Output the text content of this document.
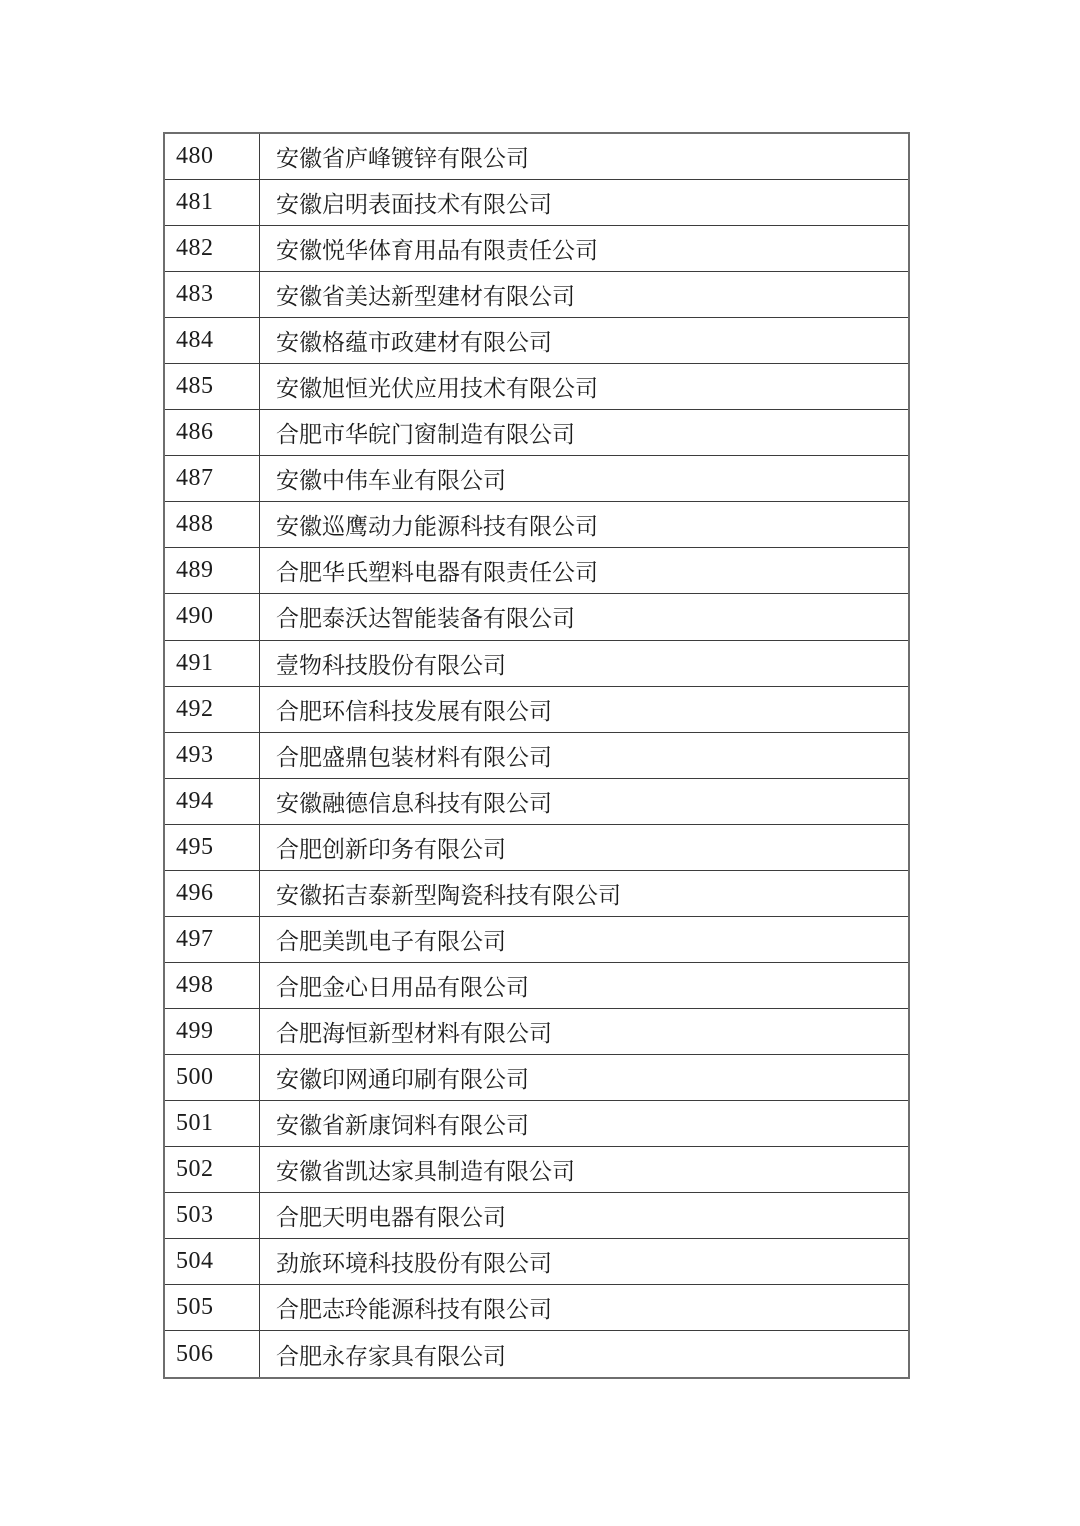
480	安徽省庐峰镀锌有限公司
481	安徽启明表面技术有限公司
482	安徽悦华体育用品有限责任公司
483	安徽省美达新型建材有限公司
484	安徽格蕴市政建材有限公司
485	安徽旭恒光伏应用技术有限公司
486	合肥市华皖门窗制造有限公司
487	安徽中伟车业有限公司
488	安徽巡鹰动力能源科技有限公司
489	合肥华氏塑料电器有限责任公司
490	合肥泰沃达智能装备有限公司
491	壹物科技股份有限公司
492	合肥环信科技发展有限公司
493	合肥盛鼎包装材料有限公司
494	安徽融德信息科技有限公司
495	合肥创新印务有限公司
496	安徽拓吉泰新型陶瓷科技有限公司
497	合肥美凯电子有限公司
498	合肥金心日用品有限公司
499	合肥海恒新型材料有限公司
500	安徽印网通印刷有限公司
501	安徽省新康饲料有限公司
502	安徽省凯达家具制造有限公司
503	合肥天明电器有限公司
504	劲旅环境科技股份有限公司
505	合肥志玲能源科技有限公司
506	合肥永存家具有限公司
